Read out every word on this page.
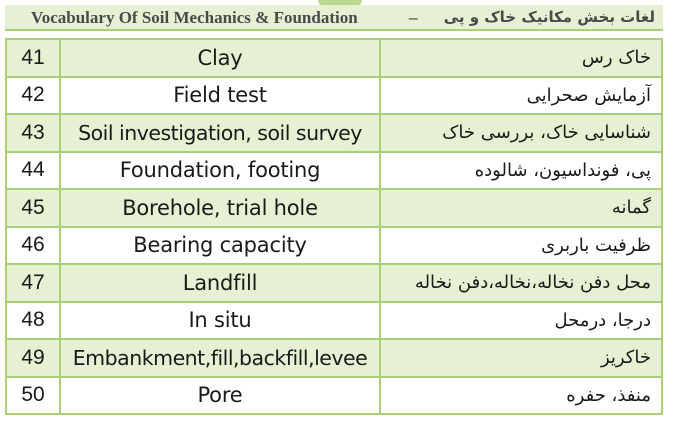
Vocabulary Of Soil Mechanics & Foundation	– لغات بخش مکانیک خاک و پی
41	Clay	خاک رس
42	Field test	آزمایش صحرایی
43	Soil investigation, soil survey	شناسایی خاک، بررسی خاک
44	Foundation, footing	پی، فونداسیون، شالوده
45	Borehole, trial hole	گمانه
46	Bearing capacity	ظرفیت باربری
47	Landfill	محل دفن نخاله،نخاله،دفن نخاله
48	In situ	درجا، درمحل
49	Embankment,fill,backfill,levee	خاکریز
50	Pore	منفذ، حفره
